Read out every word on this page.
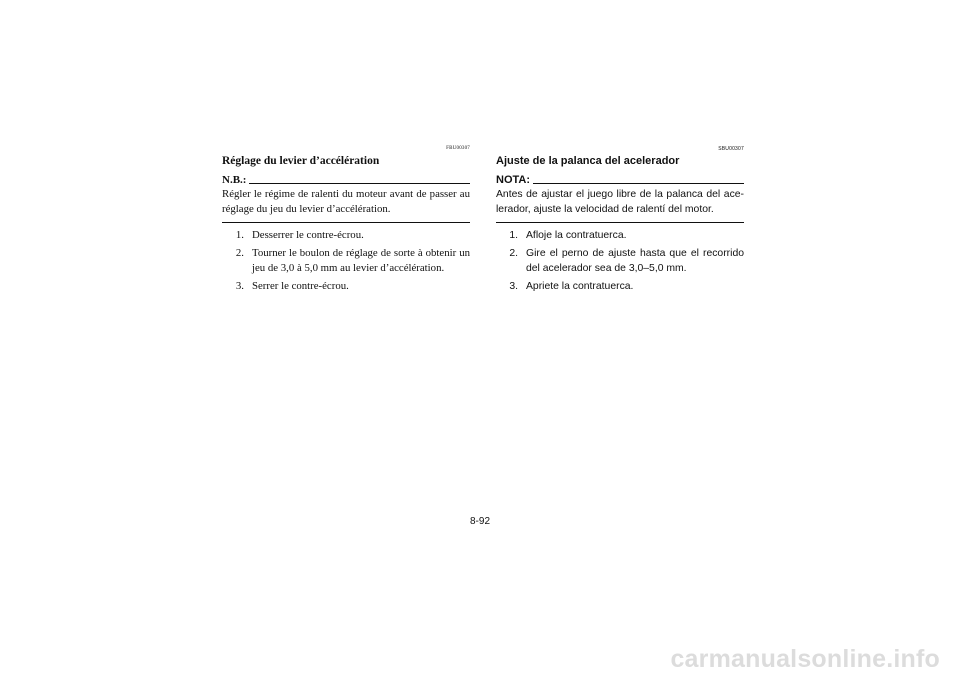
FBU00307
Réglage du levier d’accélération
N.B.:

Régler le régime de ralenti du moteur avant de passer au réglage du jeu du levier d’accélération.

1. Desserrer le contre-écrou.
2. Tourner le boulon de réglage de sorte à obtenir un jeu de 3,0 à 5,0 mm au levier d’accélération.
3. Serrer le contre-écrou.
SBU00307
Ajuste de la palanca del acelerador
NOTA:

Antes de ajustar el juego libre de la palanca del ace-lerador, ajuste la velocidad de ralentí del motor.

1. Afloje la contratuerca.
2. Gire el perno de ajuste hasta que el recorrido del acelerador sea de 3,0–5,0 mm.
3. Apriete la contratuerca.
8-92
carmanualsonline.info
